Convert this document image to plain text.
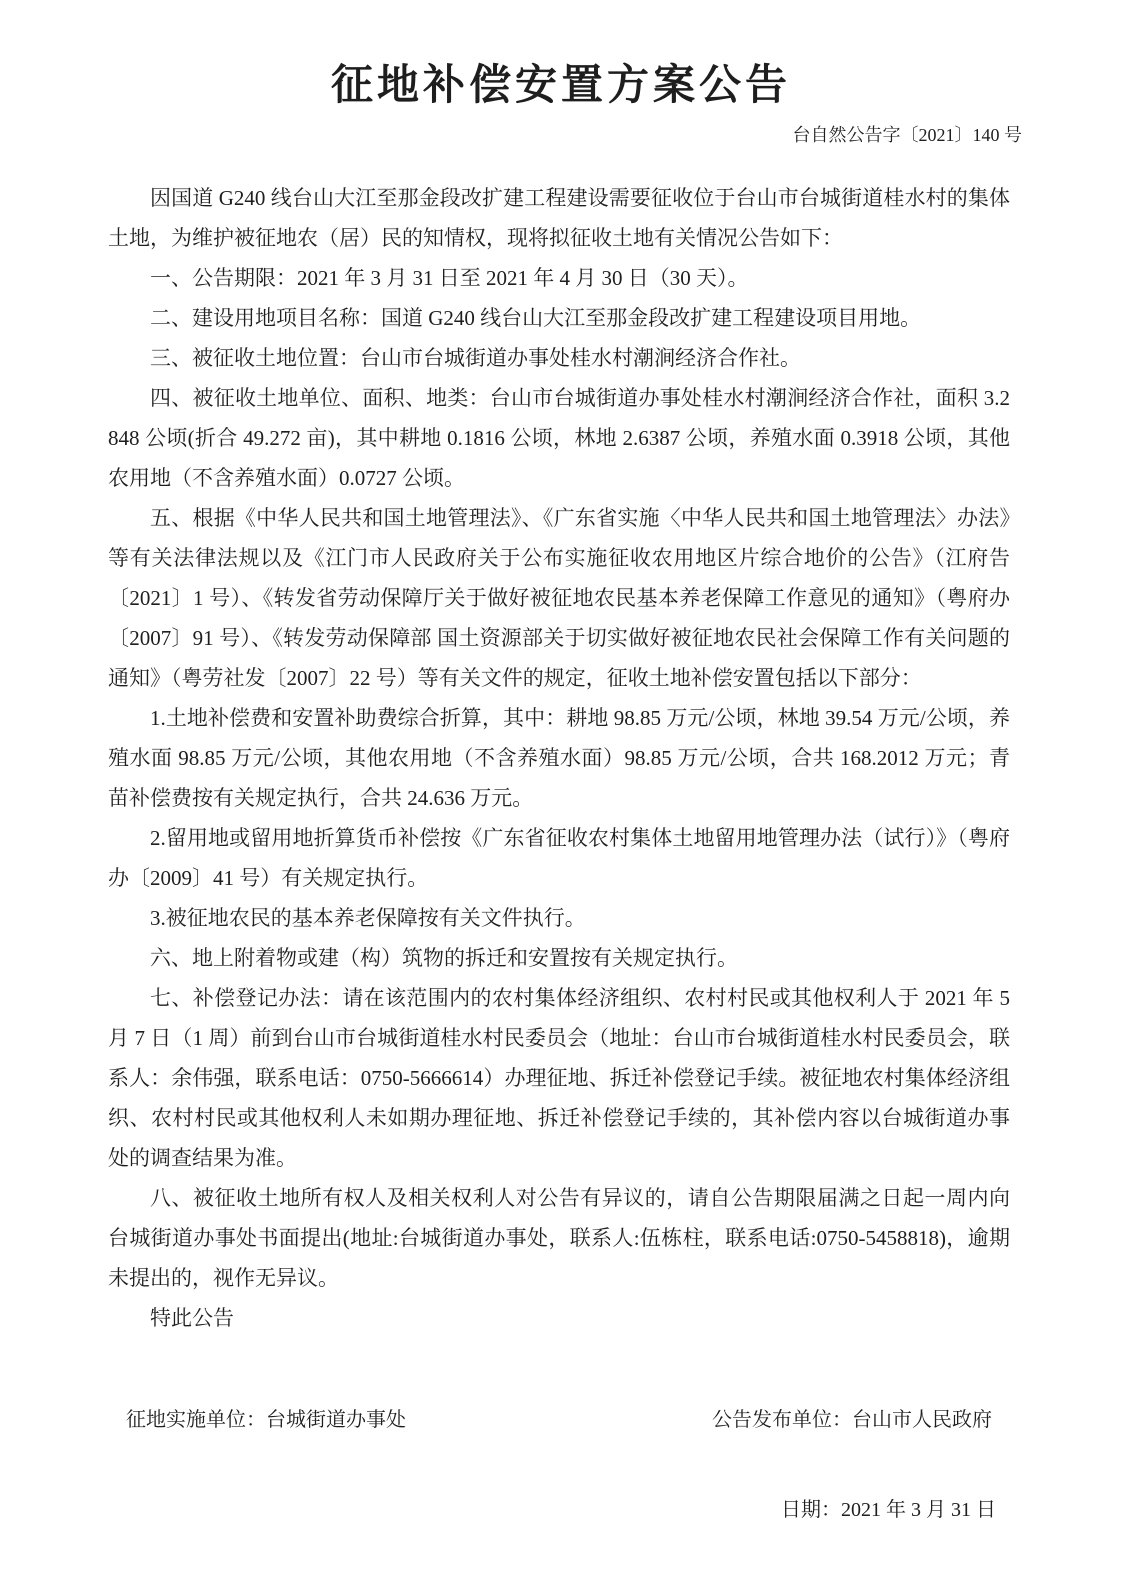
征地补偿安置方案公告
台自然公告字〔2021〕140 号

因国道 G240 线台山大江至那金段改扩建工程建设需要征收位于台山市台城街道桂水村的集体土地，为维护被征地农（居）民的知情权，现将拟征收土地有关情况公告如下：

一、公告期限：2021 年 3 月 31 日至 2021 年 4 月 30 日（30 天）。

二、建设用地项目名称：国道 G240 线台山大江至那金段改扩建工程建设项目用地。

三、被征收土地位置：台山市台城街道办事处桂水村潮涧经济合作社。

四、被征收土地单位、面积、地类：台山市台城街道办事处桂水村潮涧经济合作社，面积 3.2848 公顷(折合 49.272 亩)，其中耕地 0.1816 公顷，林地 2.6387 公顷，养殖水面 0.3918 公顷，其他农用地（不含养殖水面）0.0727 公顷。

五、根据《中华人民共和国土地管理法》、《广东省实施〈中华人民共和国土地管理法〉办法》等有关法律法规以及《江门市人民政府关于公布实施征收农用地区片综合地价的公告》（江府告〔2021〕1 号）、《转发省劳动保障厅关于做好被征地农民基本养老保障工作意见的通知》（粤府办〔2007〕91 号）、《转发劳动保障部 国土资源部关于切实做好被征地农民社会保障工作有关问题的通知》（粤劳社发〔2007〕22 号）等有关文件的规定，征收土地补偿安置包括以下部分：

1.土地补偿费和安置补助费综合折算，其中：耕地 98.85 万元/公顷，林地 39.54 万元/公顷，养殖水面 98.85 万元/公顷，其他农用地（不含养殖水面）98.85 万元/公顷，合共 168.2012 万元；青苗补偿费按有关规定执行，合共 24.636 万元。

2.留用地或留用地折算货币补偿按《广东省征收农村集体土地留用地管理办法（试行）》（粤府办〔2009〕41 号）有关规定执行。

3.被征地农民的基本养老保障按有关文件执行。

六、地上附着物或建（构）筑物的拆迁和安置按有关规定执行。

七、补偿登记办法：请在该范围内的农村集体经济组织、农村村民或其他权利人于 2021 年 5 月 7 日（1 周）前到台山市台城街道桂水村民委员会（地址：台山市台城街道桂水村民委员会，联系人：余伟强，联系电话：0750-5666614）办理征地、拆迁补偿登记手续。被征地农村集体经济组织、农村村民或其他权利人未如期办理征地、拆迁补偿登记手续的，其补偿内容以台城街道办事处的调查结果为准。

八、被征收土地所有权人及相关权利人对公告有异议的，请自公告期限届满之日起一周内向台城街道办事处书面提出(地址:台城街道办事处，联系人:伍栋柱，联系电话:0750-5458818)，逾期未提出的，视作无异议。

特此公告

征地实施单位：台城街道办事处	公告发布单位：台山市人民政府
日期：2021 年 3 月 31 日
